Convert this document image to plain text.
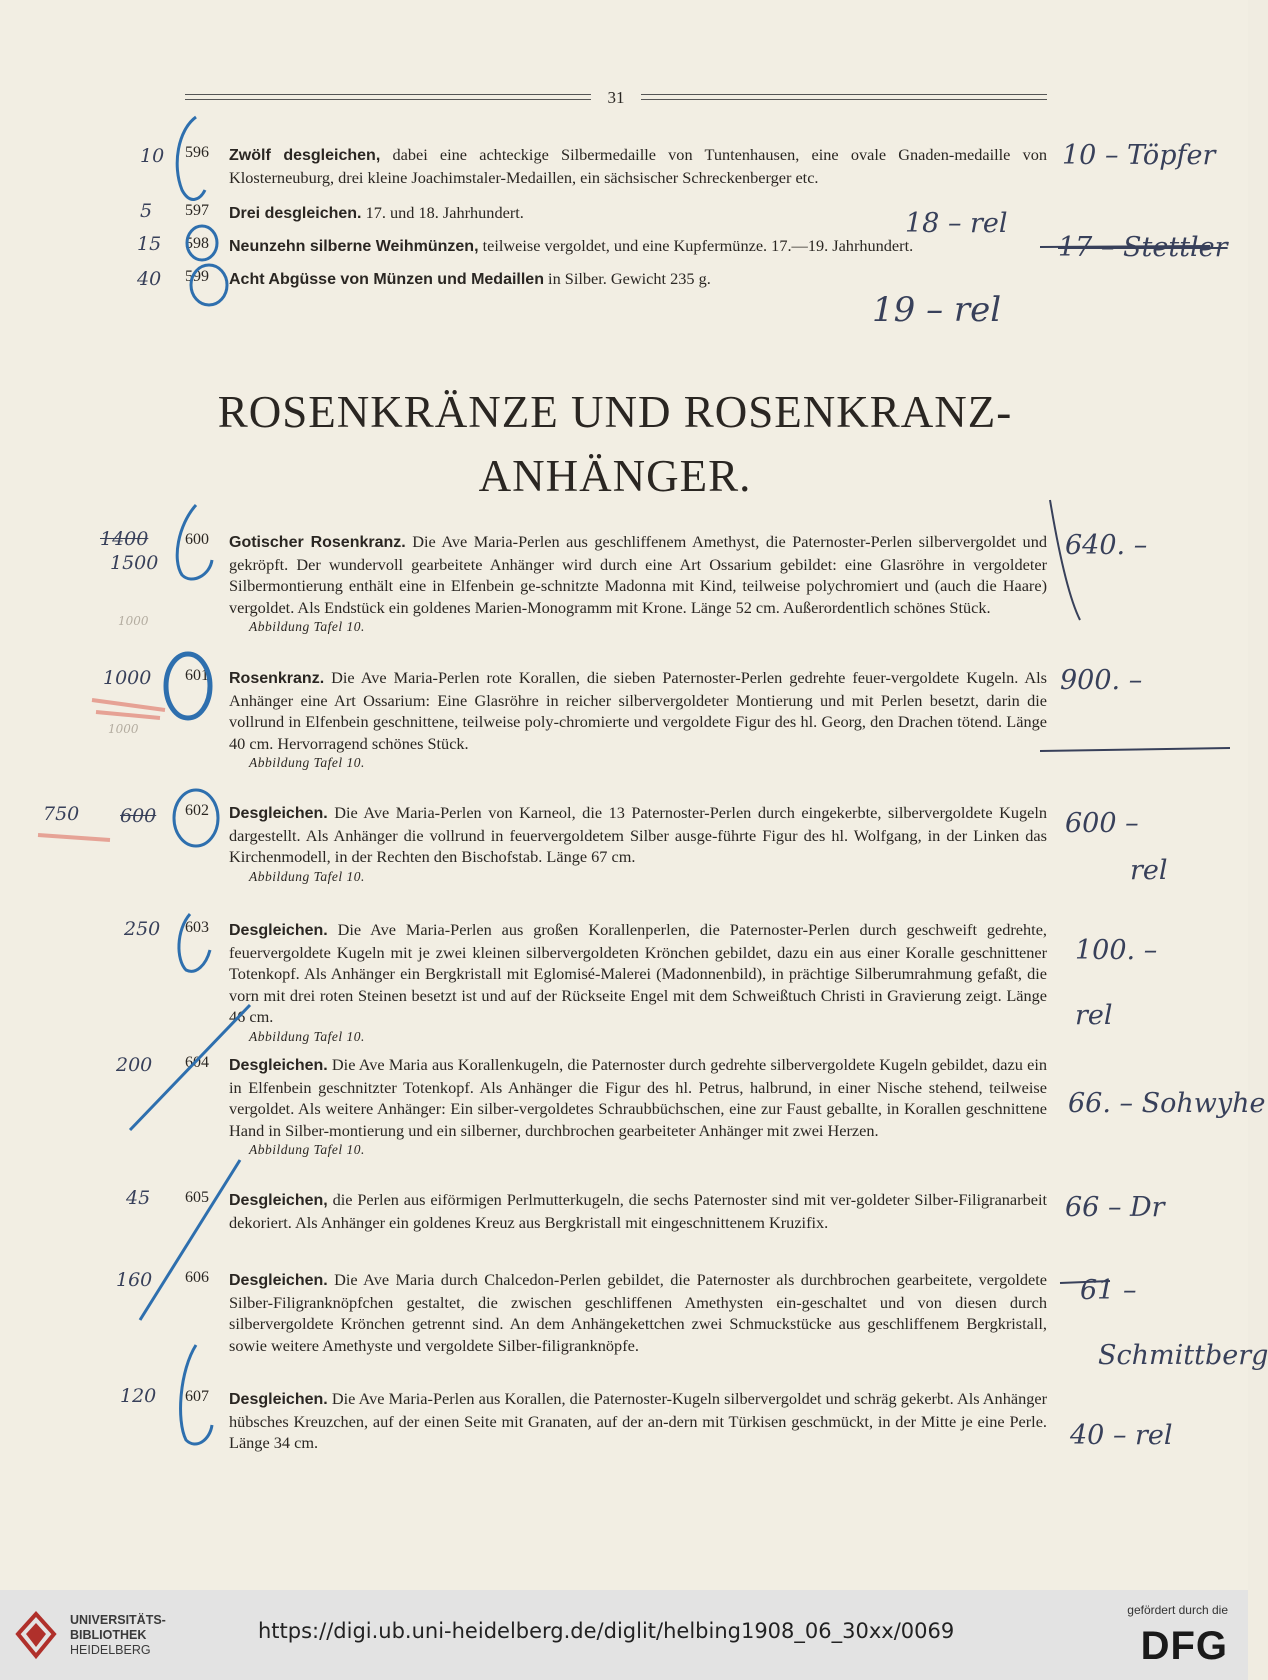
31
596	Zwölf desgleichen, dabei eine achteckige Silbermedaille von Tuntenhausen, eine ovale Gnaden-medaille von Klosterneuburg, drei kleine Joachimstaler-Medaillen, ein sächsischer Schreckenberger etc.
597	Drei desgleichen. 17. und 18. Jahrhundert.
598	Neunzehn silberne Weihmünzen, teilweise vergoldet, und eine Kupfermünze. 17.—19. Jahrhundert.
599	Acht Abgüsse von Münzen und Medaillen in Silber. Gewicht 235 g.
ROSENKRÄNZE UND ROSENKRANZ-
ANHÄNGER.
600	Gotischer Rosenkranz. Die Ave Maria-Perlen aus geschliffenem Amethyst, die Paternoster-Perlen silbervergoldet und gekröpft. Der wundervoll gearbeitete Anhänger wird durch eine Art Ossarium gebildet: eine Glasröhre in vergoldeter Silbermontierung enthält eine in Elfenbein ge-schnitzte Madonna mit Kind, teilweise polychromiert und (auch die Haare) vergoldet. Als Endstück ein goldenes Marien-Monogramm mit Krone. Länge 52 cm. Außerordentlich schönes Stück.
Abbildung Tafel 10.
601	Rosenkranz. Die Ave Maria-Perlen rote Korallen, die sieben Paternoster-Perlen gedrehte feuer-vergoldete Kugeln. Als Anhänger eine Art Ossarium: Eine Glasröhre in reicher silbervergoldeter Montierung und mit Perlen besetzt, darin die vollrund in Elfenbein geschnittene, teilweise poly-chromierte und vergoldete Figur des hl. Georg, den Drachen tötend. Länge 40 cm. Hervorragend schönes Stück.
Abbildung Tafel 10.
602	Desgleichen. Die Ave Maria-Perlen von Karneol, die 13 Paternoster-Perlen durch eingekerbte, silbervergoldete Kugeln dargestellt. Als Anhänger die vollrund in feuervergoldetem Silber ausge-führte Figur des hl. Wolfgang, in der Linken das Kirchenmodell, in der Rechten den Bischofstab. Länge 67 cm.
Abbildung Tafel 10.
603	Desgleichen. Die Ave Maria-Perlen aus großen Korallenperlen, die Paternoster-Perlen durch geschweift gedrehte, feuervergoldete Kugeln mit je zwei kleinen silbervergoldeten Krönchen gebildet, dazu ein aus einer Koralle geschnittener Totenkopf. Als Anhänger ein Bergkristall mit Eglomisé-Malerei (Madonnenbild), in prächtige Silberumrahmung gefaßt, die vorn mit drei roten Steinen besetzt ist und auf der Rückseite Engel mit dem Schweißtuch Christi in Gravierung zeigt. Länge 46 cm.
Abbildung Tafel 10.
604	Desgleichen. Die Ave Maria aus Korallenkugeln, die Paternoster durch gedrehte silbervergoldete Kugeln gebildet, dazu ein in Elfenbein geschnitzter Totenkopf. Als Anhänger die Figur des hl. Petrus, halbrund, in einer Nische stehend, teilweise vergoldet. Als weitere Anhänger: Ein silber-vergoldetes Schraubbüchschen, eine zur Faust geballte, in Korallen geschnittene Hand in Silber-montierung und ein silberner, durchbrochen gearbeiteter Anhänger mit zwei Herzen.
Abbildung Tafel 10.
605	Desgleichen, die Perlen aus eiförmigen Perlmutterkugeln, die sechs Paternoster sind mit ver-goldeter Silber-Filigranarbeit dekoriert. Als Anhänger ein goldenes Kreuz aus Bergkristall mit eingeschnittenem Kruzifix.
606	Desgleichen. Die Ave Maria durch Chalcedon-Perlen gebildet, die Paternoster als durchbrochen gearbeitete, vergoldete Silber-Filigranknöpfchen gestaltet, die zwischen geschliffenen Amethysten ein-geschaltet und von diesen durch silbervergoldete Krönchen getrennt sind. An dem Anhängekettchen zwei Schmuckstücke aus geschliffenem Bergkristall, sowie weitere Amethyste und vergoldete Silber-filigranknöpfe.
607	Desgleichen. Die Ave Maria-Perlen aus Korallen, die Paternoster-Kugeln silbervergoldet und schräg gekerbt. Als Anhänger hübsches Kreuzchen, auf der einen Seite mit Granaten, auf der an-dern mit Türkisen geschmückt, in der Mitte je eine Perle. Länge 34 cm.
10
5
15
40
1400
1500
1000
1000
1000
750 600
250
200
45
160
120
10 – Töpfer
18 – rel
17 – Stettler
19 – rel
640. –
900. –
600 –
rel
100. –
rel
66. – Sohwyhe
66 – Dr
61 –
Schmittberg
40 – rel
UNIVERSITÄTS-
BIBLIOTHEK
HEIDELBERG
https://digi.ub.uni-heidelberg.de/diglit/helbing1908_06_30xx/0069
gefördert durch die
DFG
